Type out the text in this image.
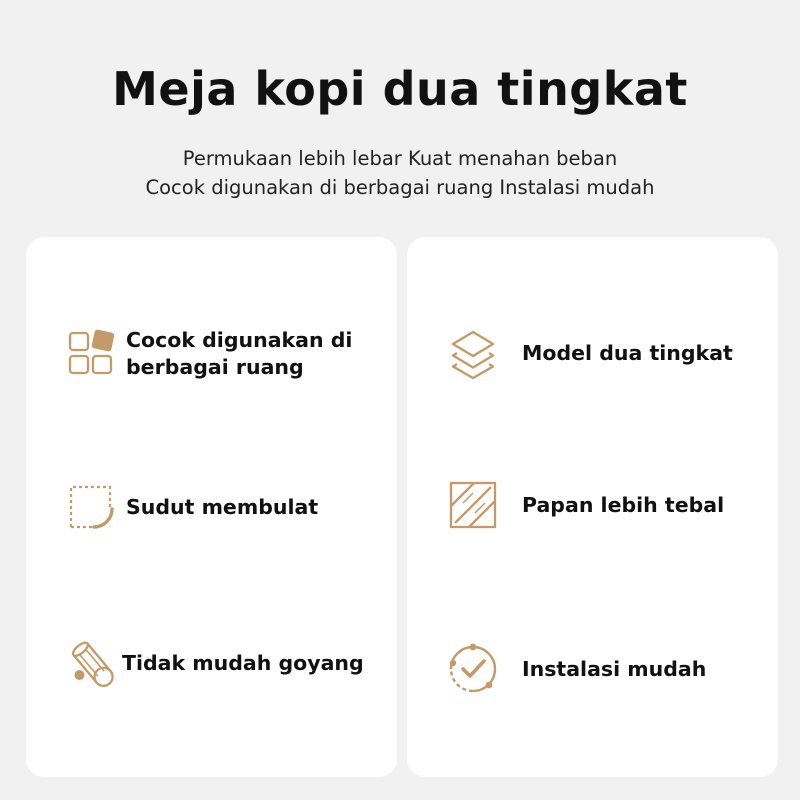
Meja kopi dua tingkat

Permukaan lebih lebar Kuat menahan beban

Cocok digunakan di berbagai ruang Instalasi mudah

Cocok digunakan di
berbagai ruang
Sudut membulat
Tidak mudah goyang
Model dua tingkat
Papan lebih tebal
Instalasi mudah
